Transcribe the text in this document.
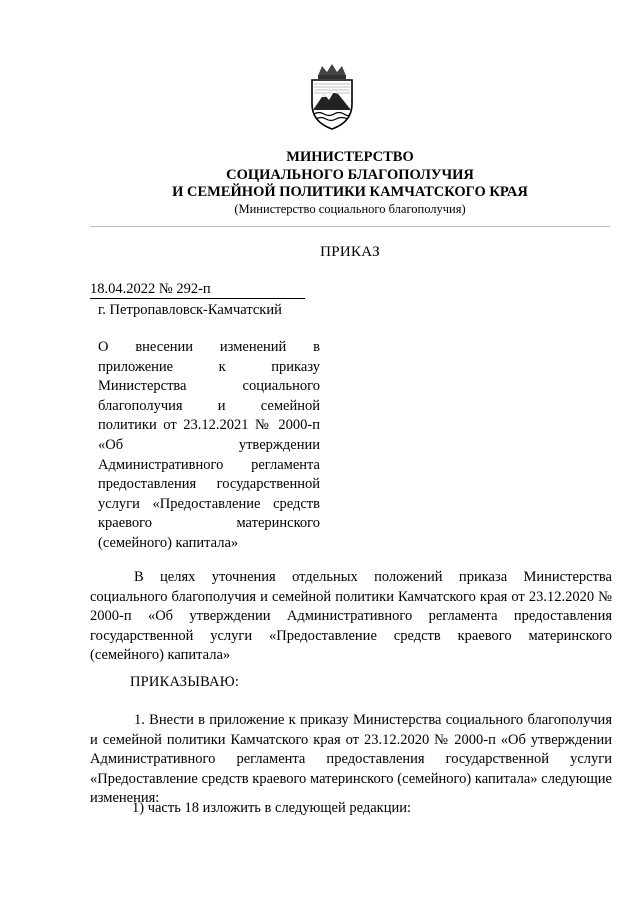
МИНИСТЕРСТВО
СОЦИАЛЬНОГО БЛАГОПОЛУЧИЯ
И СЕМЕЙНОЙ ПОЛИТИКИ КАМЧАТСКОГО КРАЯ
(Министерство социального благополучия)
ПРИКАЗ
18.04.2022 № 292-п
г. Петропавловск-Камчатский
О внесении изменений в
приложение к приказу
Министерства социального
благополучия и семейной
политики от 23.12.2021 № 2000-п
«Об утверждении
Административного регламента
предоставления государственной
услуги «Предоставление средств
краевого материнского
(семейного) капитала»
В целях уточнения отдельных положений приказа Министерства социального благополучия и семейной политики Камчатского края от 23.12.2020 № 2000-п «Об утверждении Административного регламента предоставления государственной услуги «Предоставление средств краевого материнского (семейного) капитала»
ПРИКАЗЫВАЮ:
1. Внести в приложение к приказу Министерства социального благополучия и семейной политики Камчатского края от 23.12.2020 № 2000-п «Об утверждении Административного регламента предоставления государственной услуги «Предоставление средств краевого материнского (семейного) капитала» следующие изменения:
1) часть 18 изложить в следующей редакции:
